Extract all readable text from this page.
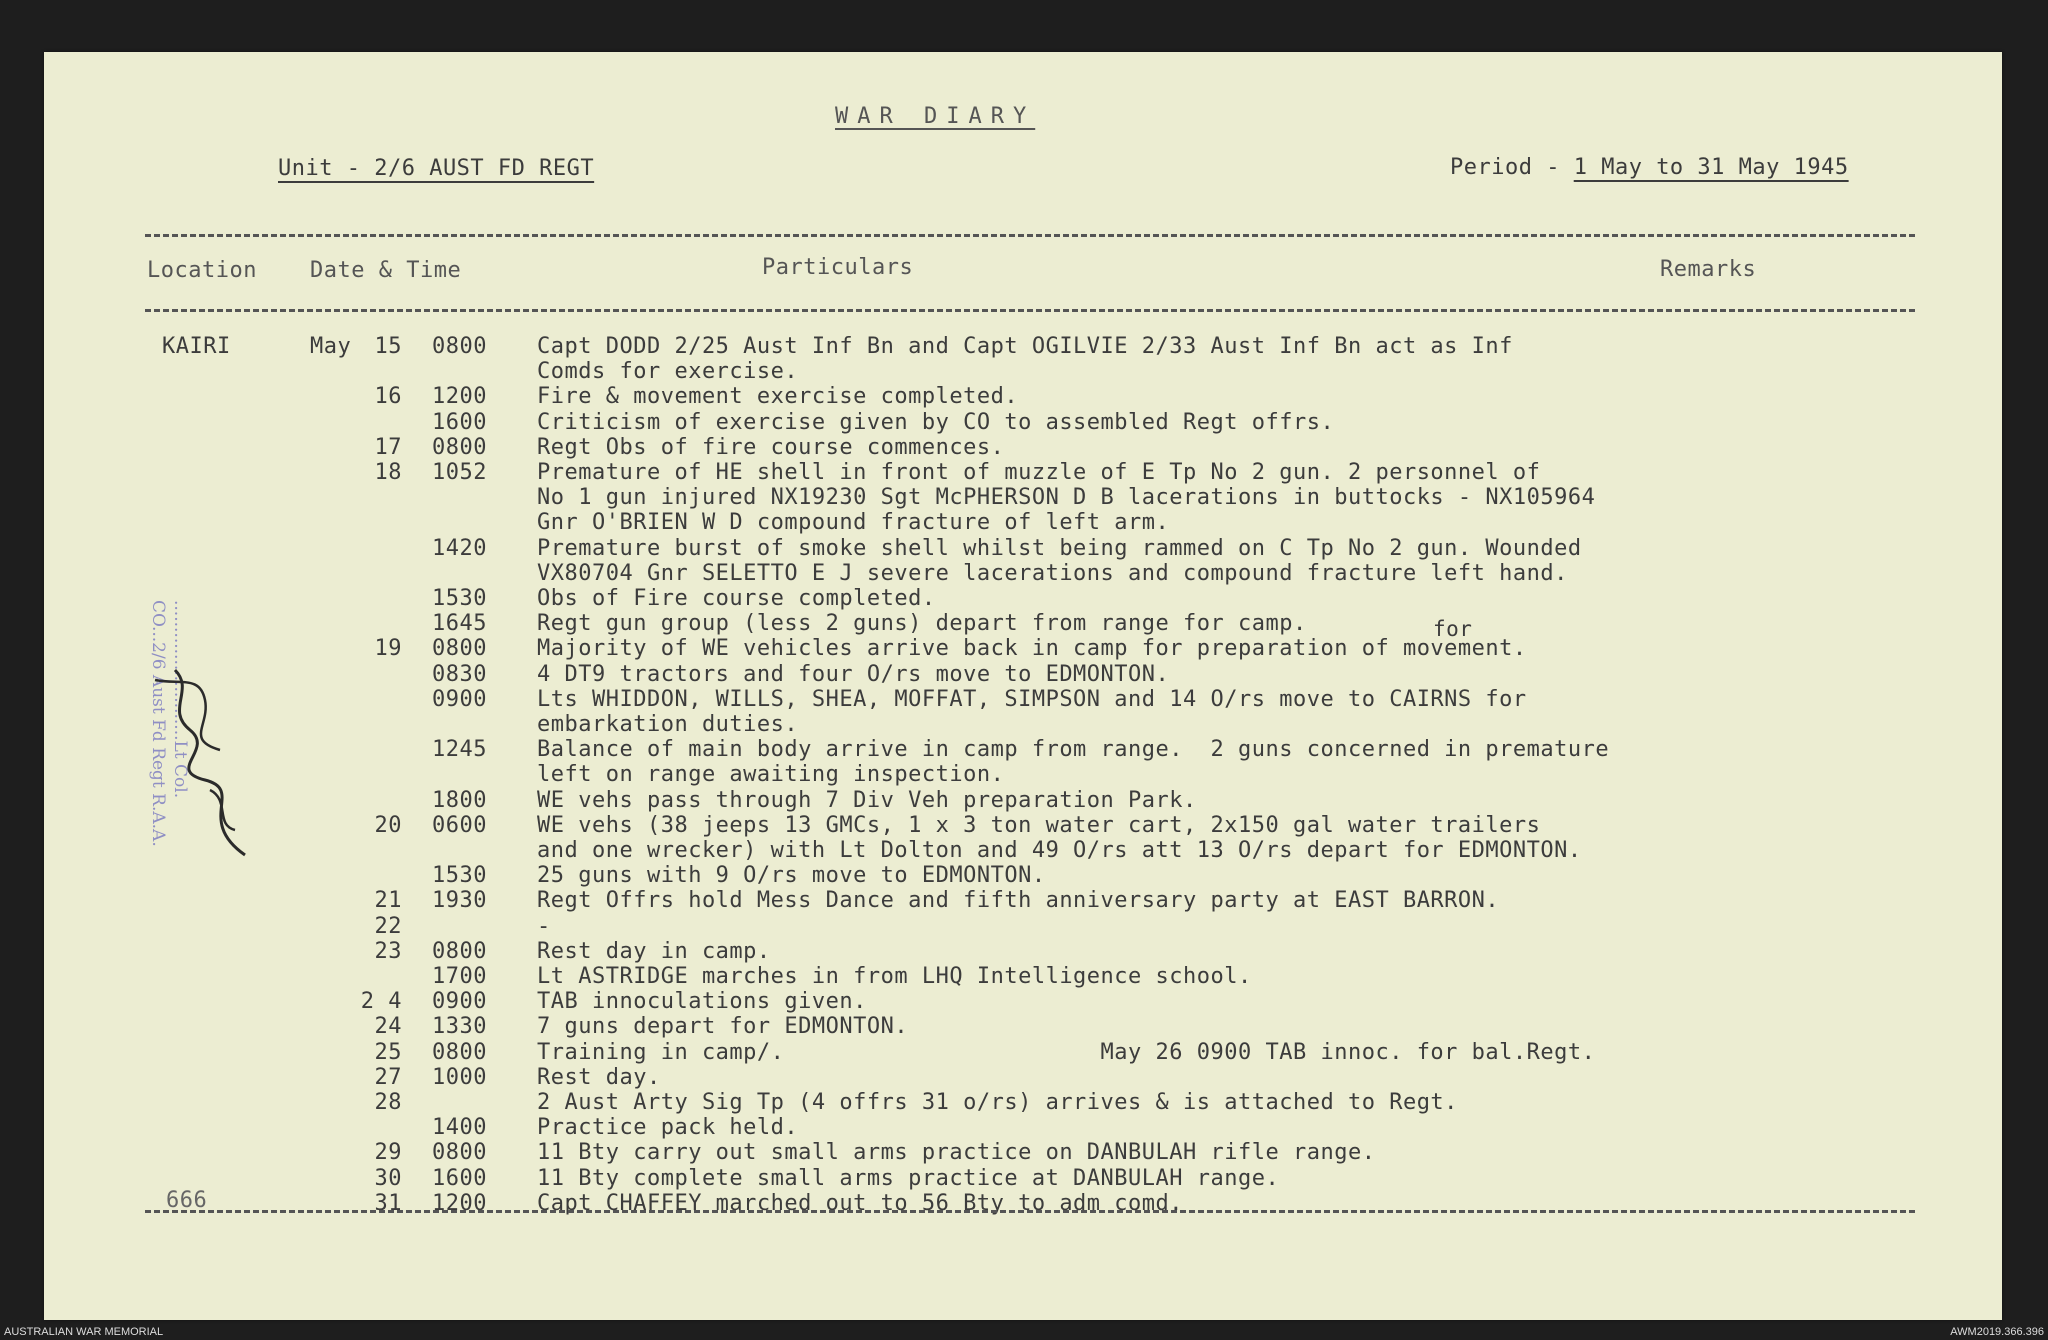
WAR DIARY
Unit - 2/6 AUST FD REGT	Period - 1 May to 31 May 1945
Location Date & Time	Particulars	Remarks
KAIRI	May	15 0800 Capt DODD 2/25 Aust Inf Bn and Capt OGILVIE 2/33 Aust Inf Bn act as Inf
Comds for exercise.
16 1200 Fire & movement exercise completed.
1600 Criticism of exercise given by CO to assembled Regt offrs.
17 0800 Regt Obs of fire course commences.
18 1052 Premature of HE shell in front of muzzle of E Tp No 2 gun. 2 personnel of
No 1 gun injured NX19230 Sgt McPHERSON D B lacerations in buttocks - NX105964
Gnr O'BRIEN W D compound fracture of left arm.
1420 Premature burst of smoke shell whilst being rammed on C Tp No 2 gun. Wounded
VX80704 Gnr SELETTO E J severe lacerations and compound fracture left hand.
1530 Obs of Fire course completed.
1645 Regt gun group (less 2 guns) depart from range for camp.
19 0800 Majority of WE vehicles arrive back in camp for preparation of movement.
0830 4 DT9 tractors and four O/rs move to EDMONTON.
0900 Lts WHIDDON, WILLS, SHEA, MOFFAT, SIMPSON and 14 O/rs move to CAIRNS for
embarkation duties.
1245 Balance of main body arrive in camp from range.  2 guns concerned in premature
left on range awaiting inspection.
1800 WE vehs pass through 7 Div Veh preparation Park.
20 0600 WE vehs (38 jeeps 13 GMCs, 1 x 3 ton water cart, 2x150 gal water trailers
and one wrecker) with Lt Dolton and 49 O/rs att 13 O/rs depart for EDMONTON.
1530 25 guns with 9 O/rs move to EDMONTON.
21 1930 Regt Offrs hold Mess Dance and fifth anniversary party at EAST BARRON.
22	-
23 0800 Rest day in camp.
1700 Lt ASTRIDGE marches in from LHQ Intelligence school.
2 4 0900 TAB innoculations given.
24 1330 7 guns depart for EDMONTON.
25 0800 Training in camp/.                       May 26 0900 TAB innoc. for bal.Regt.
27 1000 Rest day.
28	2 Aust Arty Sig Tp (4 offrs 31 o/rs) arrives & is attached to Regt.
1400 Practice pack held.
29 0800 11 Bty carry out small arms practice on DANBULAH rifle range.
30 1600 11 Bty complete small arms practice at DANBULAH range.
31 1200 Capt CHAFFEY marched out to 56 Bty to adm comd.
for
666
..........................Lt Col.
CO...2/6 Aust Fd Regt R.A.A.
AUSTRALIAN WAR MEMORIAL	AWM2019.366.396
